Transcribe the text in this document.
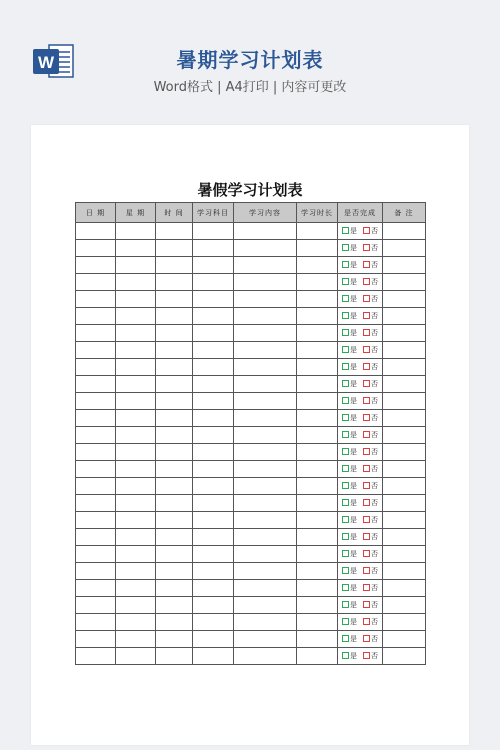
W	暑期学习计划表
Word格式 | A4打印 | 内容可更改
暑假学习计划表
日 期	星 期	时 间	学习科目	学习内容	学习时长	是否完成	备 注

						是 否	

						是 否	

						是 否	

						是 否	

						是 否	

						是 否	

						是 否	

						是 否	

						是 否	

						是 否	

						是 否	

						是 否	

						是 否	

						是 否	

						是 否	

						是 否	

						是 否	

						是 否	

						是 否	

						是 否	

						是 否	

						是 否	

						是 否	

						是 否	

						是 否	

						是 否	
